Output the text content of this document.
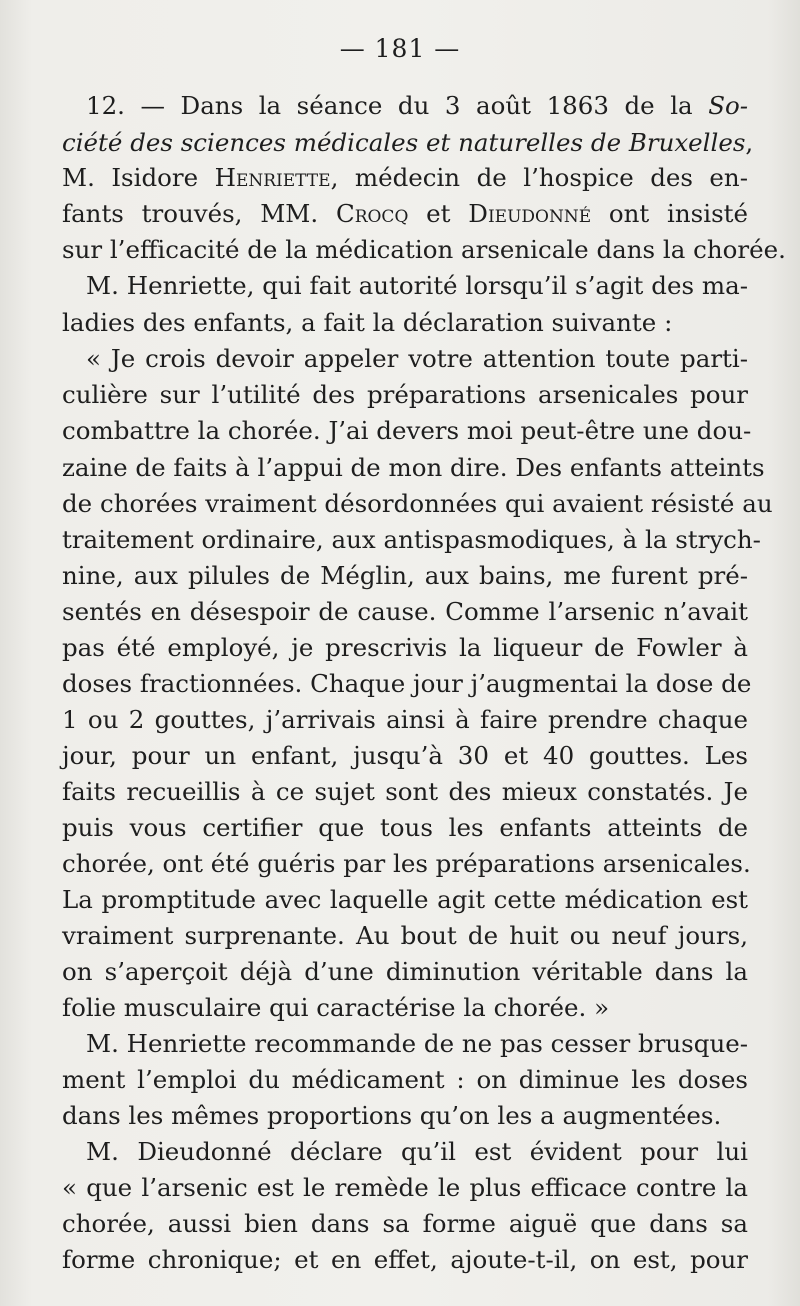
— 181 —
12. — Dans la séance du 3 août 1863 de la So-
ciété des sciences médicales et naturelles de Bruxelles,
M. Isidore Henriette, médecin de l’hospice des en-
fants trouvés, MM. Crocq et Dieudonné ont insisté
sur l’efficacité de la médication arsenicale dans la chorée.
M. Henriette, qui fait autorité lorsqu’il s’agit des ma-
ladies des enfants, a fait la déclaration suivante :
« Je crois devoir appeler votre attention toute parti-
culière sur l’utilité des préparations arsenicales pour
combattre la chorée. J’ai devers moi peut-être une dou-
zaine de faits à l’appui de mon dire. Des enfants atteints
de chorées vraiment désordonnées qui avaient résisté au
traitement ordinaire, aux antispasmodiques, à la strych-
nine, aux pilules de Méglin, aux bains, me furent pré-
sentés en désespoir de cause. Comme l’arsenic n’avait
pas été employé, je prescrivis la liqueur de Fowler à
doses fractionnées. Chaque jour j’augmentai la dose de
1 ou 2 gouttes, j’arrivais ainsi à faire prendre chaque
jour, pour un enfant, jusqu’à 30 et 40 gouttes. Les
faits recueillis à ce sujet sont des mieux constatés. Je
puis vous certifier que tous les enfants atteints de
chorée, ont été guéris par les préparations arsenicales.
La promptitude avec laquelle agit cette médication est
vraiment surprenante. Au bout de huit ou neuf jours,
on s’aperçoit déjà d’une diminution véritable dans la
folie musculaire qui caractérise la chorée. »
M. Henriette recommande de ne pas cesser brusque-
ment l’emploi du médicament : on diminue les doses
dans les mêmes proportions qu’on les a augmentées.
M. Dieudonné déclare qu’il est évident pour lui
« que l’arsenic est le remède le plus efficace contre la
chorée, aussi bien dans sa forme aiguë que dans sa
forme chronique; et en effet, ajoute-t-il, on est, pour
